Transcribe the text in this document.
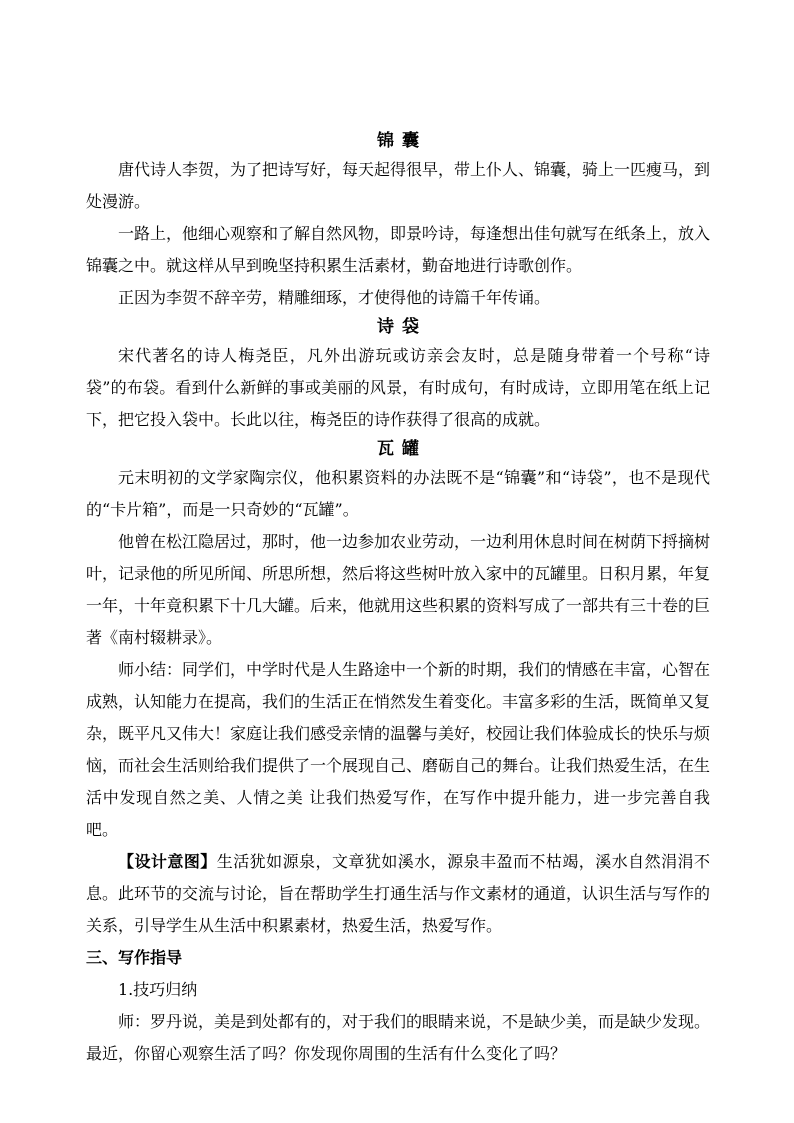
锦囊

唐代诗人李贺，为了把诗写好，每天起得很早，带上仆人、锦囊，骑上一匹瘦马，到处漫游。

一路上，他细心观察和了解自然风物，即景吟诗，每逢想出佳句就写在纸条上，放入锦囊之中。就这样从早到晚坚持积累生活素材，勤奋地进行诗歌创作。

正因为李贺不辞辛劳，精雕细琢，才使得他的诗篇千年传诵。

诗袋

宋代著名的诗人梅尧臣，凡外出游玩或访亲会友时，总是随身带着一个号称“诗袋”的布袋。看到什么新鲜的事或美丽的风景，有时成句，有时成诗，立即用笔在纸上记下，把它投入袋中。长此以往，梅尧臣的诗作获得了很高的成就。

瓦罐

元末明初的文学家陶宗仪，他积累资料的办法既不是“锦囊”和“诗袋”，也不是现代的“卡片箱”，而是一只奇妙的“瓦罐”。

他曾在松江隐居过，那时，他一边参加农业劳动，一边利用休息时间在树荫下捋摘树叶，记录他的所见所闻、所思所想，然后将这些树叶放入家中的瓦罐里。日积月累，年复一年，十年竟积累下十几大罐。后来，他就用这些积累的资料写成了一部共有三十卷的巨著《南村辍耕录》。

师小结：同学们，中学时代是人生路途中一个新的时期，我们的情感在丰富，心智在成熟，认知能力在提高，我们的生活正在悄然发生着变化。丰富多彩的生活，既简单又复杂，既平凡又伟大！家庭让我们感受亲情的温馨与美好，校园让我们体验成长的快乐与烦恼，而社会生活则给我们提供了一个展现自己、磨砺自己的舞台。让我们热爱生活，在生活中发现自然之美、人情之美 让我们热爱写作，在写作中提升能力，进一步完善自我吧。

【设计意图】生活犹如源泉，文章犹如溪水，源泉丰盈而不枯竭，溪水自然涓涓不息。此环节的交流与讨论，旨在帮助学生打通生活与作文素材的通道，认识生活与写作的关系，引导学生从生活中积累素材，热爱生活，热爱写作。

三、写作指导

1.技巧归纳

师：罗丹说，美是到处都有的，对于我们的眼睛来说，不是缺少美，而是缺少发现。最近，你留心观察生活了吗？你发现你周围的生活有什么变化了吗？
